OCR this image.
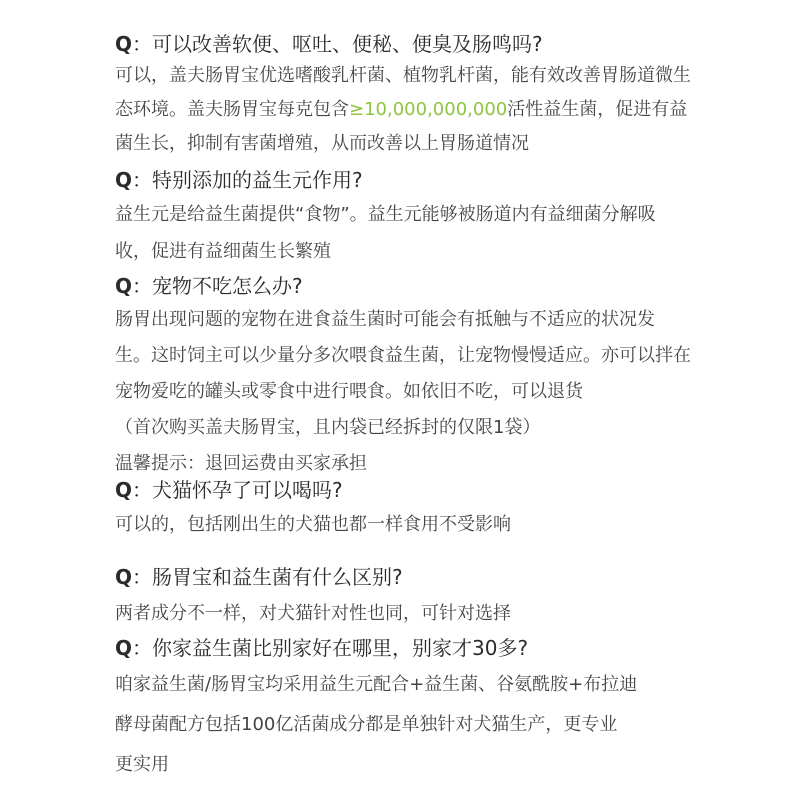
Q：可以改善软便、呕吐、便秘、便臭及肠鸣吗?

可以，盖夫肠胃宝优选嗜酸乳杆菌、植物乳杆菌，能有效改善胃肠道微生

态环境。盖夫肠胃宝每克包含≥10,000,000,000活性益生菌，促进有益

菌生长，抑制有害菌增殖，从而改善以上胃肠道情况

Q：特别添加的益生元作用?

益生元是给益生菌提供“食物”。益生元能够被肠道内有益细菌分解吸

收，促进有益细菌生长繁殖

Q：宠物不吃怎么办?

肠胃出现问题的宠物在进食益生菌时可能会有抵触与不适应的状况发

生。这时饲主可以少量分多次喂食益生菌，让宠物慢慢适应。亦可以拌在

宠物爱吃的罐头或零食中进行喂食。如依旧不吃，可以退货

（首次购买盖夫肠胃宝，且内袋已经拆封的仅限1袋）

温馨提示：退回运费由买家承担

Q：犬猫怀孕了可以喝吗?

可以的，包括刚出生的犬猫也都一样食用不受影响

Q：肠胃宝和益生菌有什么区别?

两者成分不一样，对犬猫针对性也同，可针对选择

Q：你家益生菌比别家好在哪里，别家才30多?

咱家益生菌/肠胃宝均采用益生元配合+益生菌、谷氨酰胺+布拉迪

酵母菌配方包括100亿活菌成分都是单独针对犬猫生产，更专业

更实用
